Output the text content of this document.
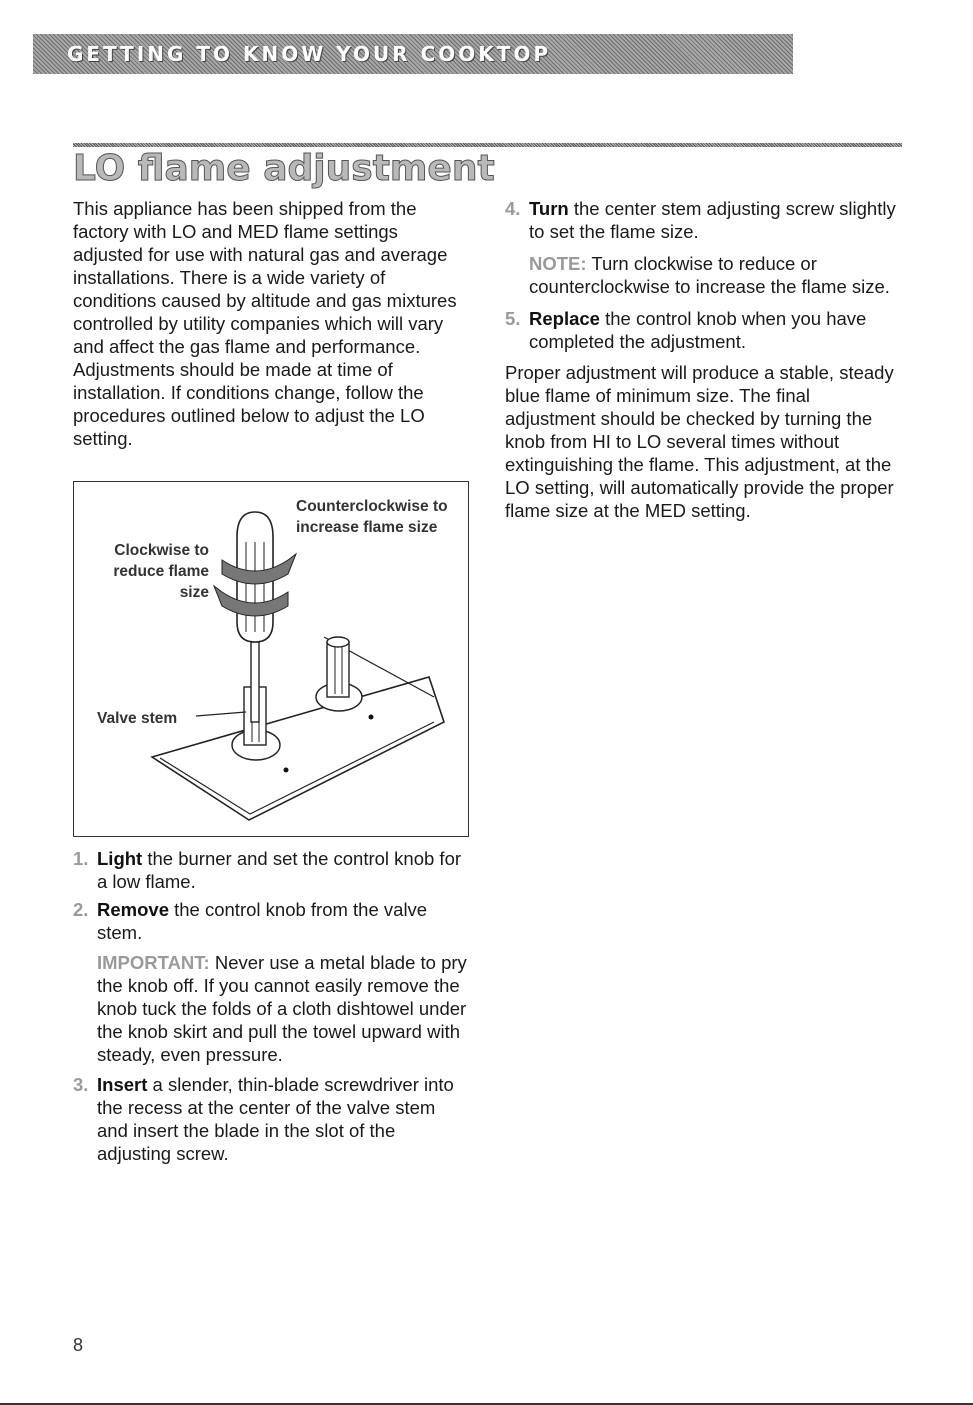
GETTING TO KNOW YOUR COOKTOP
LO flame adjustment

This appliance has been shipped from the factory with LO and MED flame settings adjusted for use with natural gas and average installations. There is a wide variety of conditions caused by altitude and gas mixtures controlled by utility companies which will vary and affect the gas flame and performance. Adjustments should be made at time of installation. If conditions change, follow the procedures outlined below to adjust the LO setting.

Counterclockwise to increase flame size
Clockwise to reduce flame size
Valve stem
1. Light the burner and set the control knob for a low flame.
2. Remove the control knob from the valve stem.

IMPORTANT: Never use a metal blade to pry the knob off. If you cannot easily remove the knob tuck the folds of a cloth dishtowel under the knob skirt and pull the towel upward with steady, even pressure.

3. Insert a slender, thin-blade screwdriver into the recess at the center of the valve stem and insert the blade in the slot of the adjusting screw.
4. Turn the center stem adjusting screw slightly to set the flame size.

NOTE: Turn clockwise to reduce or counterclockwise to increase the flame size.

5. Replace the control knob when you have completed the adjustment.

Proper adjustment will produce a stable, steady blue flame of minimum size. The final adjustment should be checked by turning the knob from HI to LO several times without extinguishing the flame. This adjustment, at the LO setting, will automatically provide the proper flame size at the MED setting.

8
